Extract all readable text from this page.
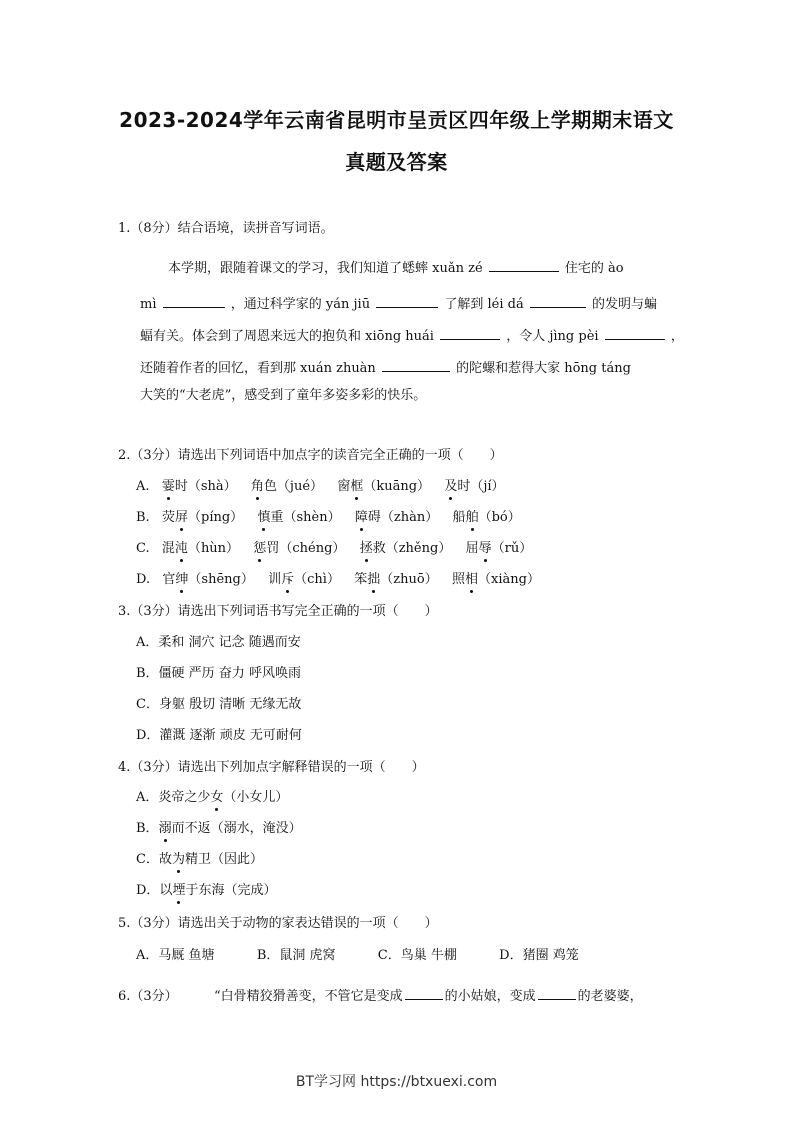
2023-2024学年云南省昆明市呈贡区四年级上学期期末语文
真题及答案
1.（8分）结合语境，读拼音写词语。
本学期，跟随着课文的学习，我们知道了蟋蟀 xuǎn zé	住宅的 ào
mì	，通过科学家的 yán jiū	了解到 léi dá	的发明与蝙
蝠有关。体会到了周恩来远大的抱负和 xiōng huái	，令人 jìng pèi	，
还随着作者的回忆，看到那 xuán zhuàn	的陀螺和惹得大家 hōng táng
大笑的“大老虎”，感受到了童年多姿多彩的快乐。
2.（3分）请选出下列词语中加点字的读音完全正确的一项（　　）
A. 霎时（shà） 角色（jué） 窗框（kuāng） 及时（jí）
B. 荧屏（píng） 慎重（shèn） 障碍（zhàn） 船舶（bó）
C. 混沌（hùn） 惩罚（chéng） 拯救（zhěng） 屈辱（rǔ）
D. 官绅（shēng） 训斥（chì） 笨拙（zhuō） 照相（xiàng）
3.（3分）请选出下列词语书写完全正确的一项（　　）
A．柔和 洞穴 记念 随遇而安
B．僵硬 严历 奋力 呼风唤雨
C．身躯 殷切 清晰 无缘无故
D．灌溉 逐渐 顽皮 无可耐何
4.（3分）请选出下列加点字解释错误的一项（　　）
A．炎帝之少女（小女儿）
B．溺而不返（溺水，淹没）
C．故为精卫（因此）
D．以堙于东海（完成）
5.（3分）请选出关于动物的家表达错误的一项（　　）
A．马厩 鱼塘	B．鼠洞 虎窝	C．鸟巢 牛棚	D．猪圈 鸡笼
6.（3分）	“白骨精狡猾善变，不管它是变成	的小姑娘，变成	的老婆婆，
BT学习网 https://btxuexi.com
